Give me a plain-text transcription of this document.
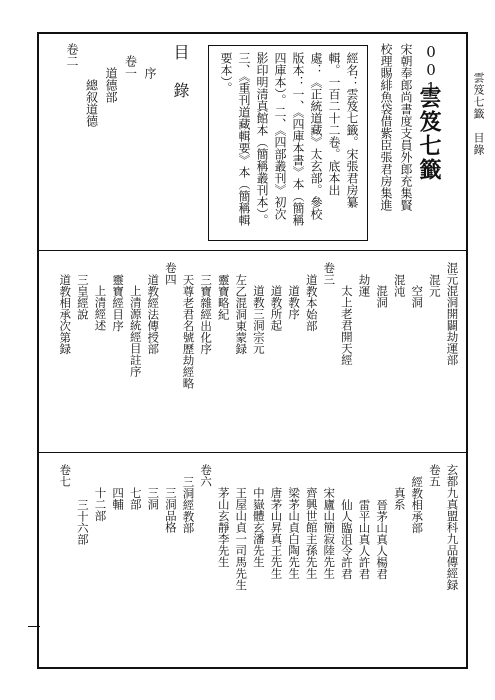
雲笈七籤
目錄
001
雲笈七籤
宋朝奉郎尚書度支員外郎充集賢
校理賜緋魚袋借紫臣張君房集進
經名：雲笈七籤。宋張君房纂
輯。一百二十二卷。底本出
處：《正統道藏》太玄部。參校
版本：一、《四庫本書》本（簡稱
四庫本）。二、《四部叢刊》初次
影印明清真館本（簡稱叢刊本）。
三、《重刊道藏輯要》本（簡稱輯
要本）。
目　錄
序
卷一
道德部
總叙道德
卷二
混元混洞開闢劫運部
混元
空洞
混沌
混洞
劫運
太上老君開天經
卷三
道教本始部
道教序
道教所起
道教三洞宗元
左乙混洞東蒙録
靈寶略紀
三寶雜經出化序
天尊老君名號歷劫經略
卷四
道教經法傳授部
上清源統經目註序
靈寶經目序
上清經述
三皇經說
道教相承次第録
玄都九真盟科九品傳經録
卷五
經教相承部
真系
晉茅山真人楊君
雷平山真人許君
仙人臨沮令許君
宋廬山簡寂陸先生
齊興世館主孫先生
梁茅山貞白陶先生
唐茅山昇真王先生
中嶽體玄潘先生
王屋山貞一司馬先生
茅山玄靜李先生
卷六
三洞經教部
三洞品格
三洞
七部
四輔
十二部
三十六部
卷七
